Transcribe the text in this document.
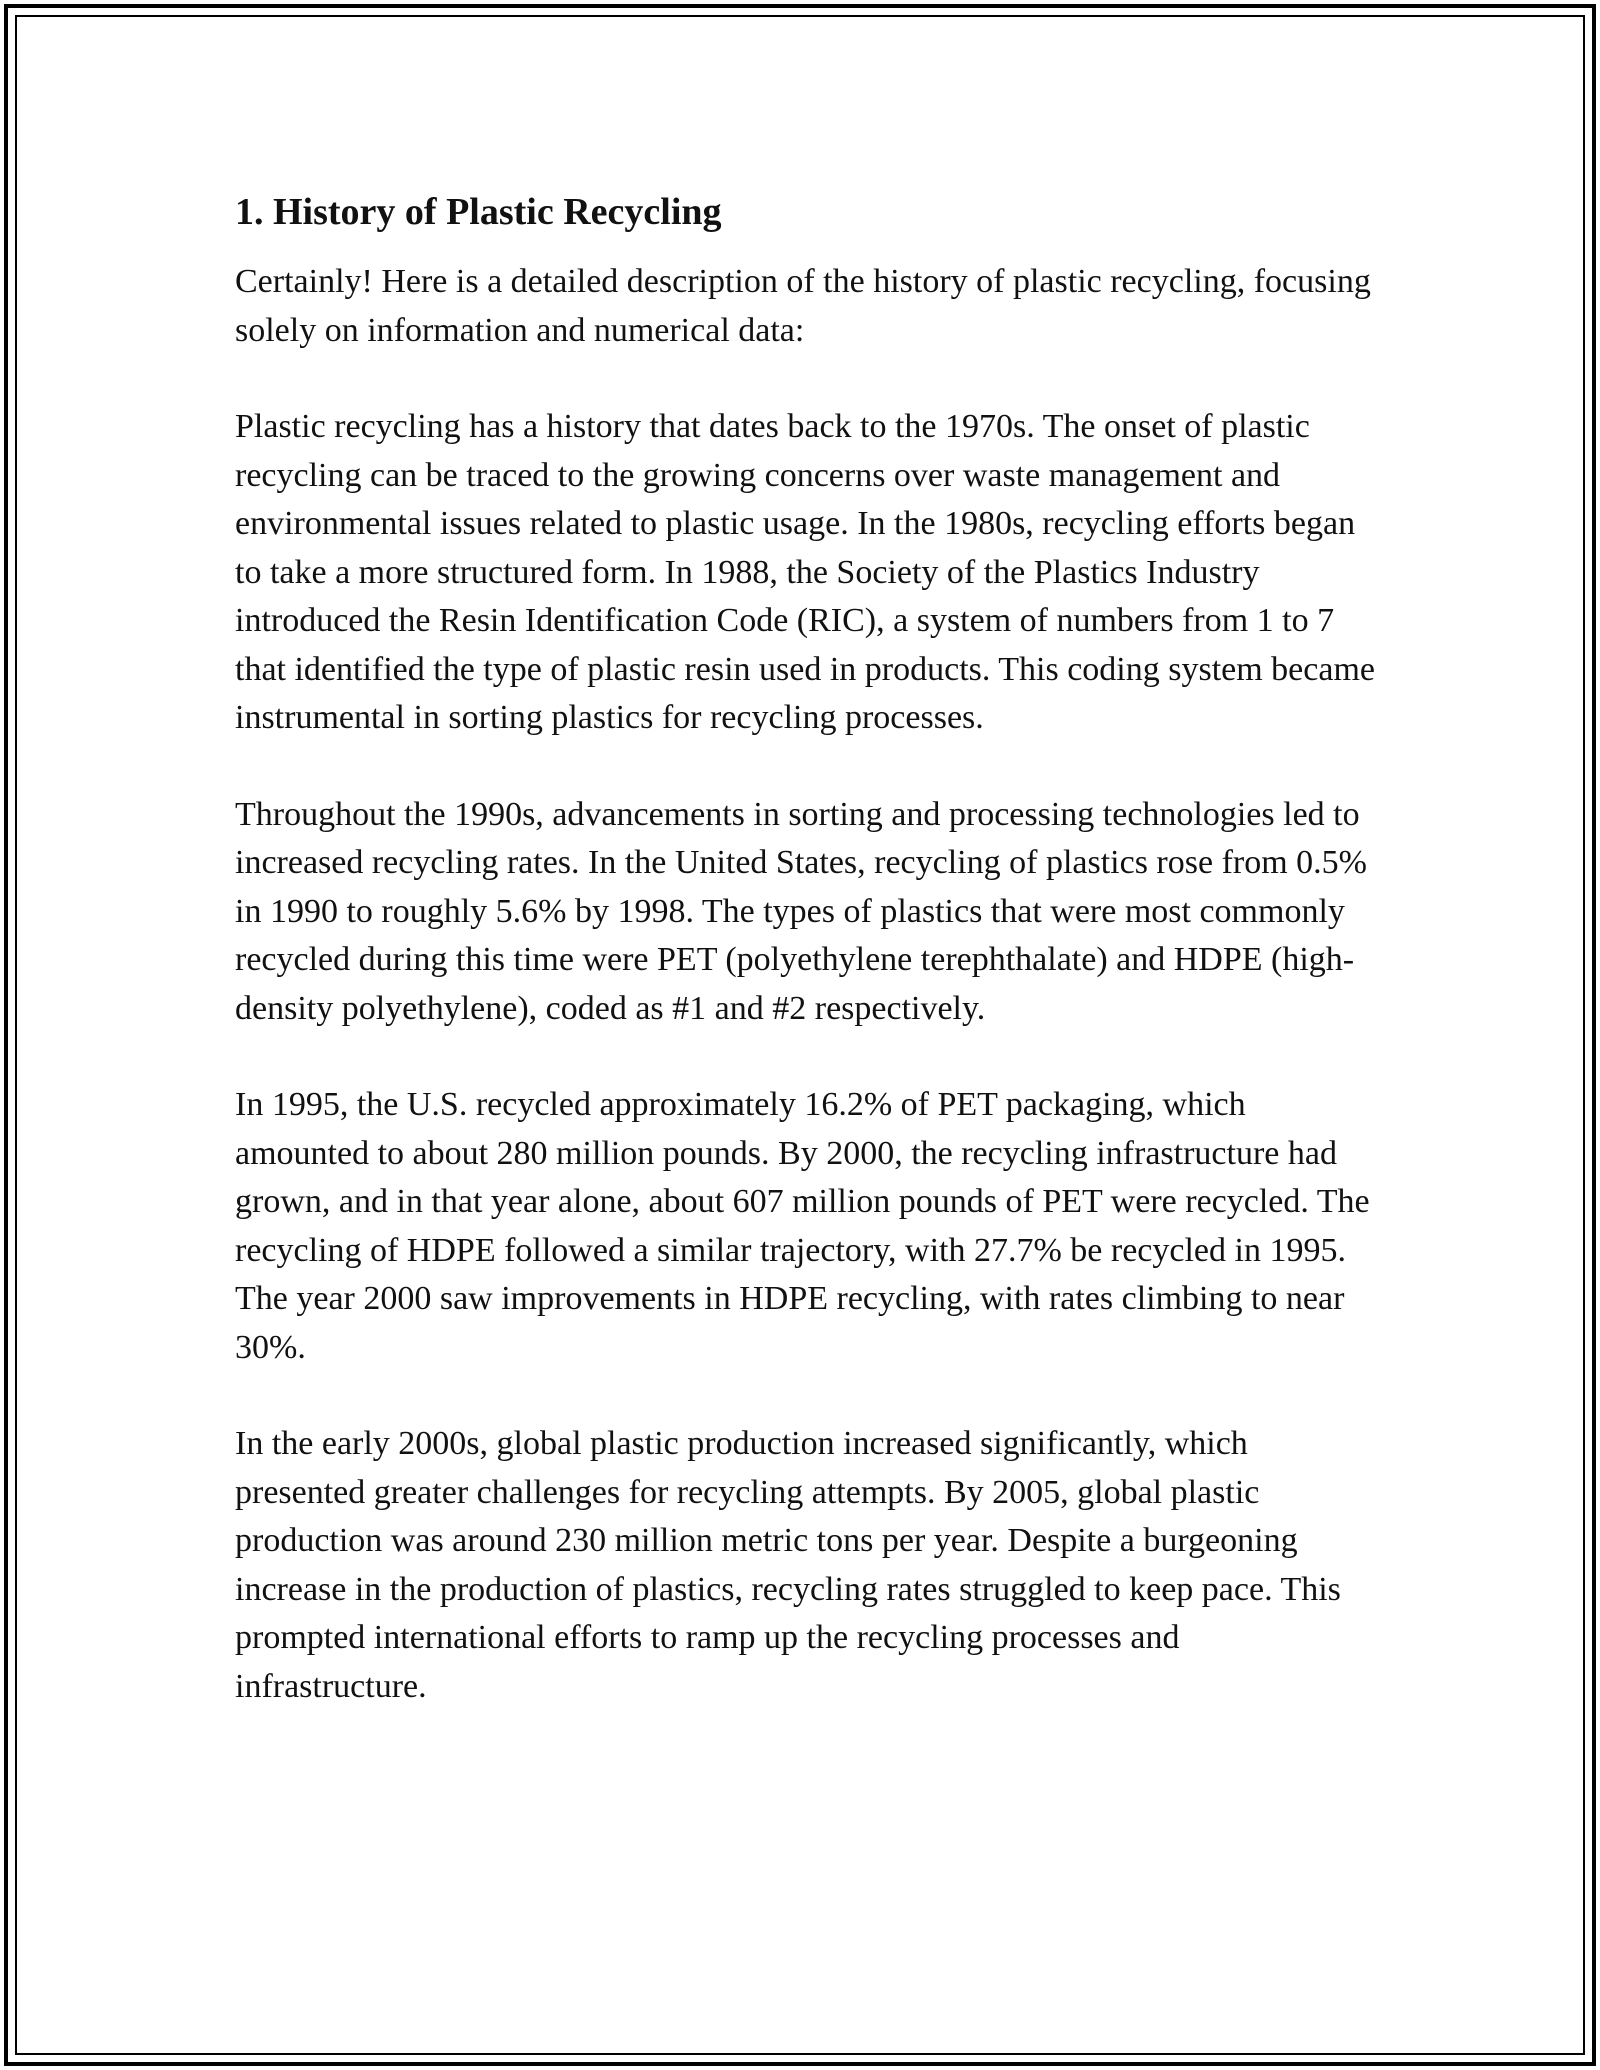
1. History of Plastic Recycling

Certainly! Here is a detailed description of the history of plastic recycling, focusing solely on information and numerical data:

Plastic recycling has a history that dates back to the 1970s. The onset of plastic recycling can be traced to the growing concerns over waste management and environmental issues related to plastic usage. In the 1980s, recycling efforts began to take a more structured form. In 1988, the Society of the Plastics Industry introduced the Resin Identification Code (RIC), a system of numbers from 1 to 7 that identified the type of plastic resin used in products. This coding system became instrumental in sorting plastics for recycling processes.

Throughout the 1990s, advancements in sorting and processing technologies led to increased recycling rates. In the United States, recycling of plastics rose from 0.5% in 1990 to roughly 5.6% by 1998. The types of plastics that were most commonly recycled during this time were PET (polyethylene terephthalate) and HDPE (high-density polyethylene), coded as #1 and #2 respectively.

In 1995, the U.S. recycled approximately 16.2% of PET packaging, which amounted to about 280 million pounds. By 2000, the recycling infrastructure had grown, and in that year alone, about 607 million pounds of PET were recycled. The recycling of HDPE followed a similar trajectory, with 27.7% be recycled in 1995. The year 2000 saw improvements in HDPE recycling, with rates climbing to near 30%.

In the early 2000s, global plastic production increased significantly, which presented greater challenges for recycling attempts. By 2005, global plastic production was around 230 million metric tons per year. Despite a burgeoning increase in the production of plastics, recycling rates struggled to keep pace. This prompted international efforts to ramp up the recycling processes and infrastructure.
